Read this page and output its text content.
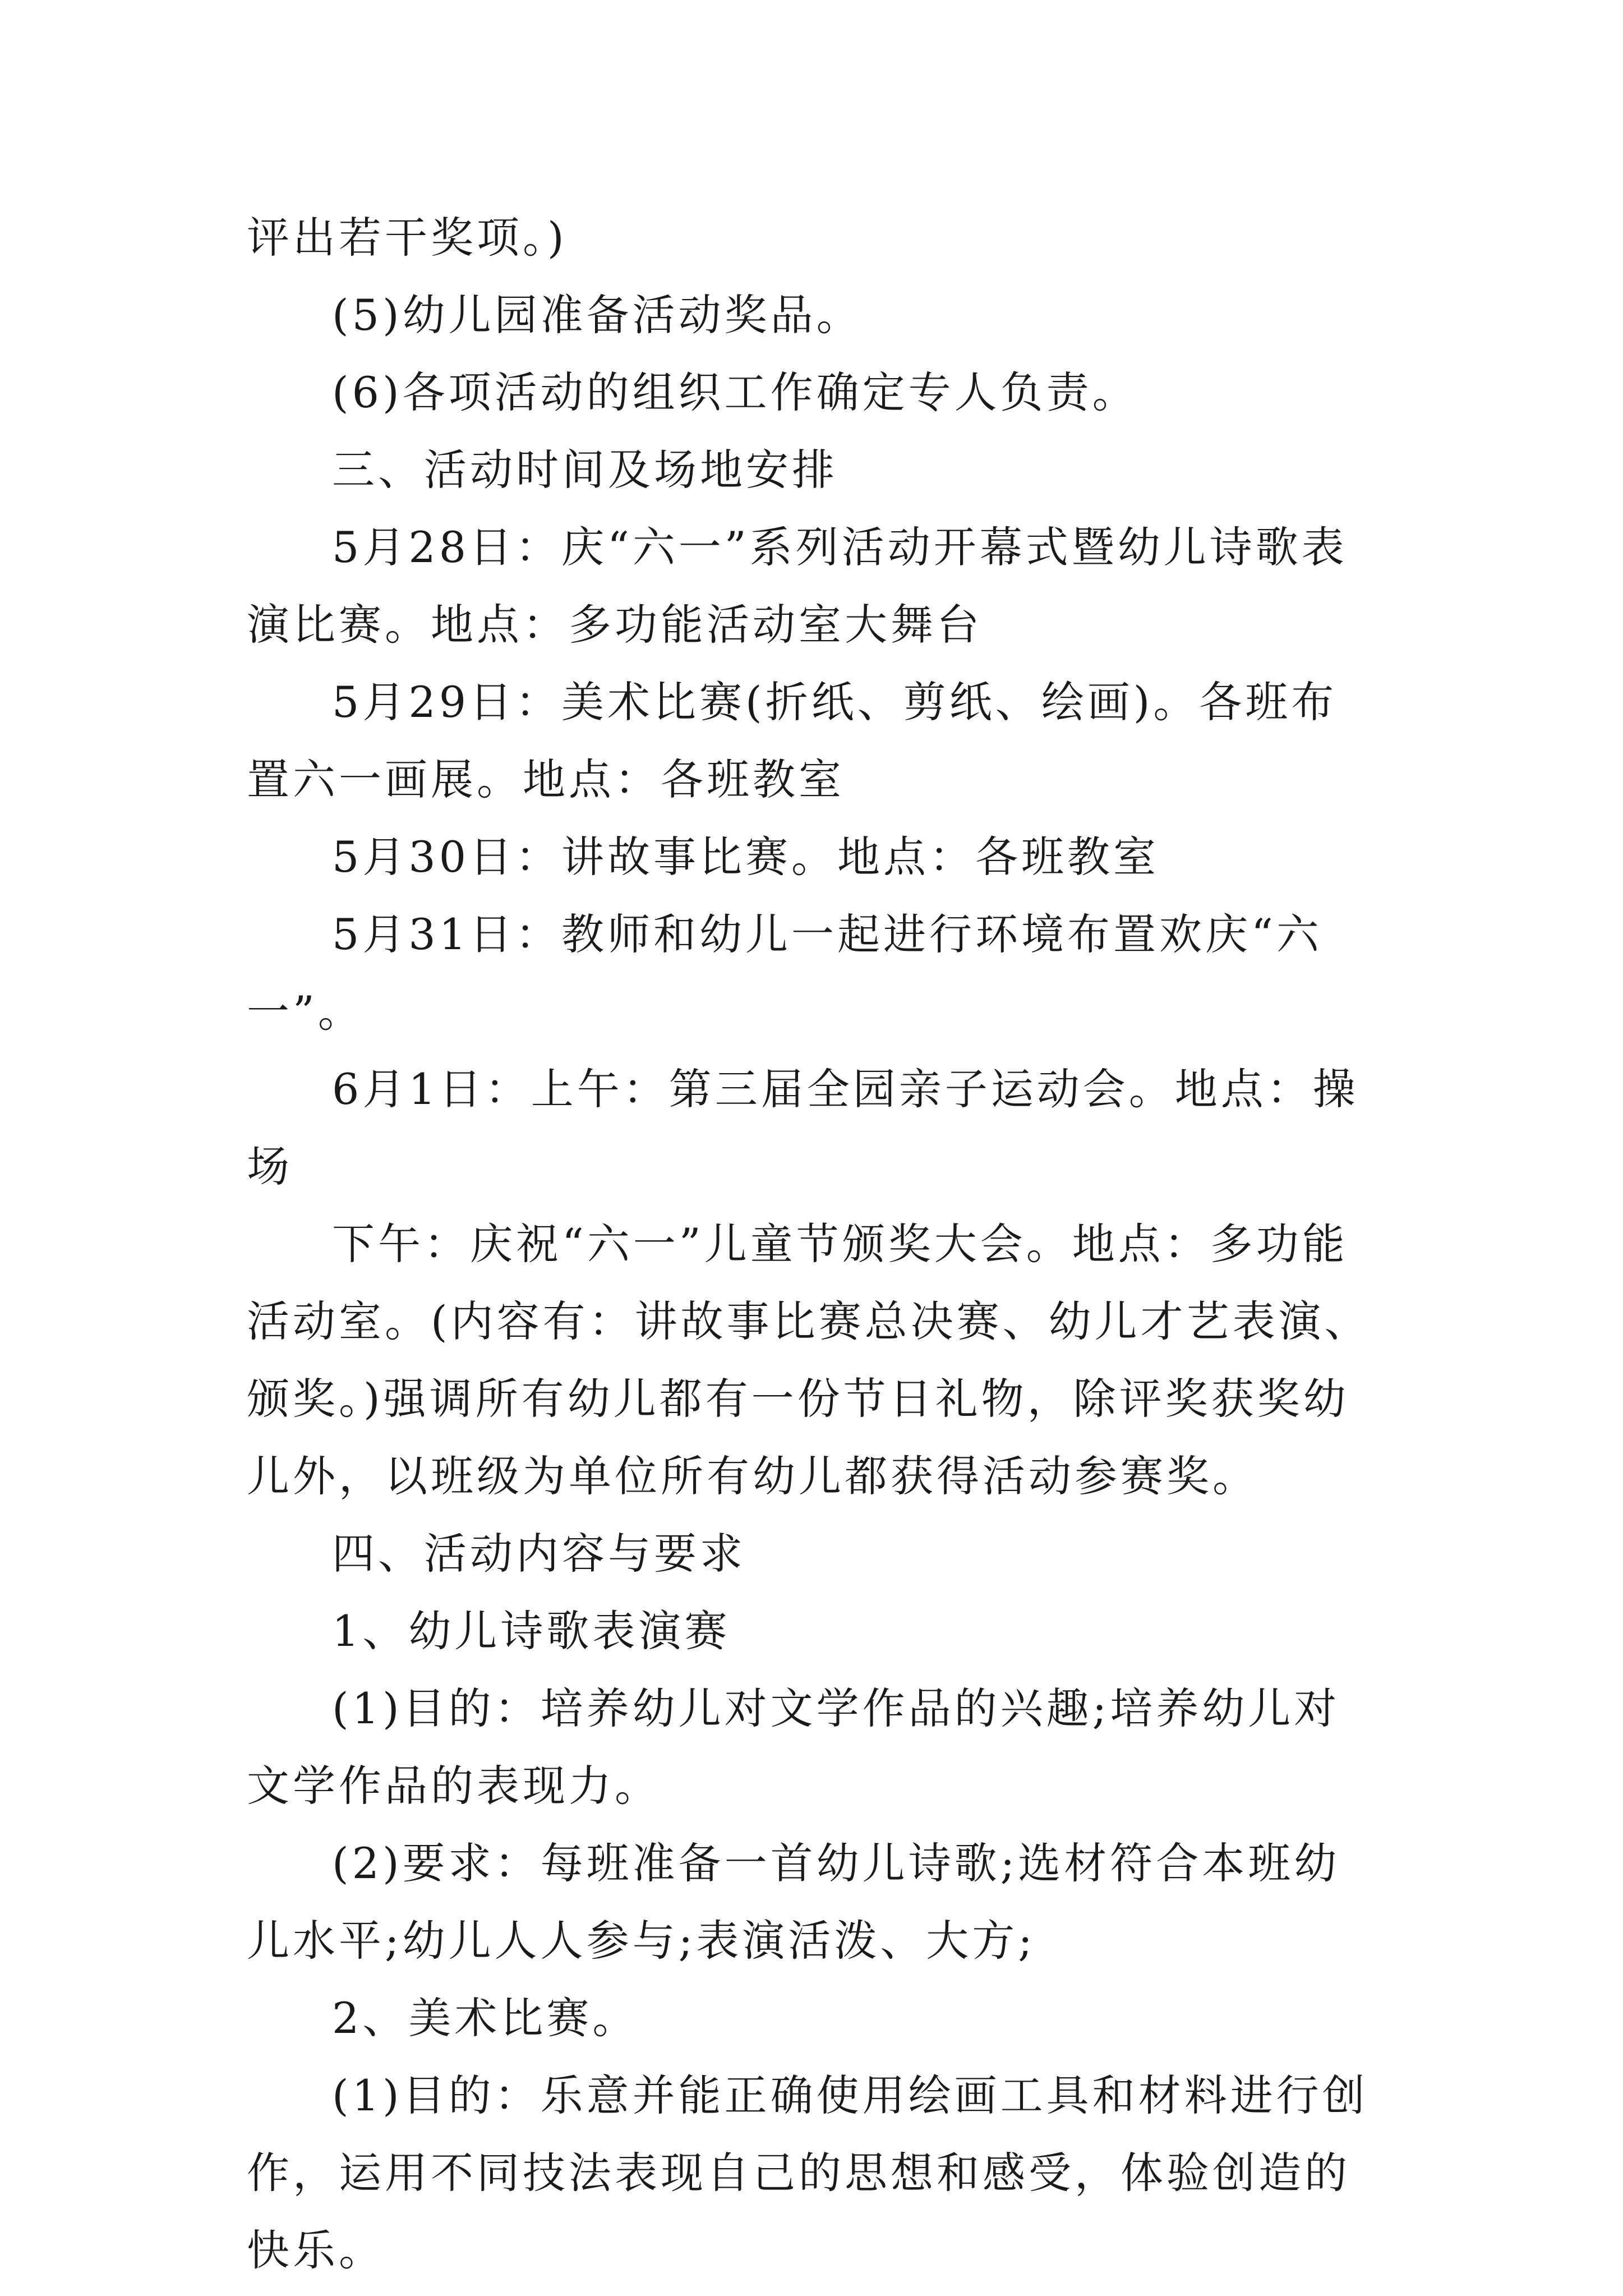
评出若干奖项。)

(5)幼儿园准备活动奖品。

(6)各项活动的组织工作确定专人负责。

三、活动时间及场地安排

5月28日：庆“六一”系列活动开幕式暨幼儿诗歌表演比赛。地点：多功能活动室大舞台

5月29日：美术比赛(折纸、剪纸、绘画)。各班布置六一画展。地点：各班教室

5月30日：讲故事比赛。地点：各班教室

5月31日：教师和幼儿一起进行环境布置欢庆“六一”。

6月1日：上午：第三届全园亲子运动会。地点：操场

下午：庆祝“六一”儿童节颁奖大会。地点：多功能活动室。(内容有：讲故事比赛总决赛、幼儿才艺表演、颁奖。)强调所有幼儿都有一份节日礼物，除评奖获奖幼儿外，以班级为单位所有幼儿都获得活动参赛奖。

四、活动内容与要求

1、幼儿诗歌表演赛

(1)目的：培养幼儿对文学作品的兴趣;培养幼儿对文学作品的表现力。

(2)要求：每班准备一首幼儿诗歌;选材符合本班幼儿水平;幼儿人人参与;表演活泼、大方;

2、美术比赛。

(1)目的：乐意并能正确使用绘画工具和材料进行创作，运用不同技法表现自己的思想和感受，体验创造的快乐。
